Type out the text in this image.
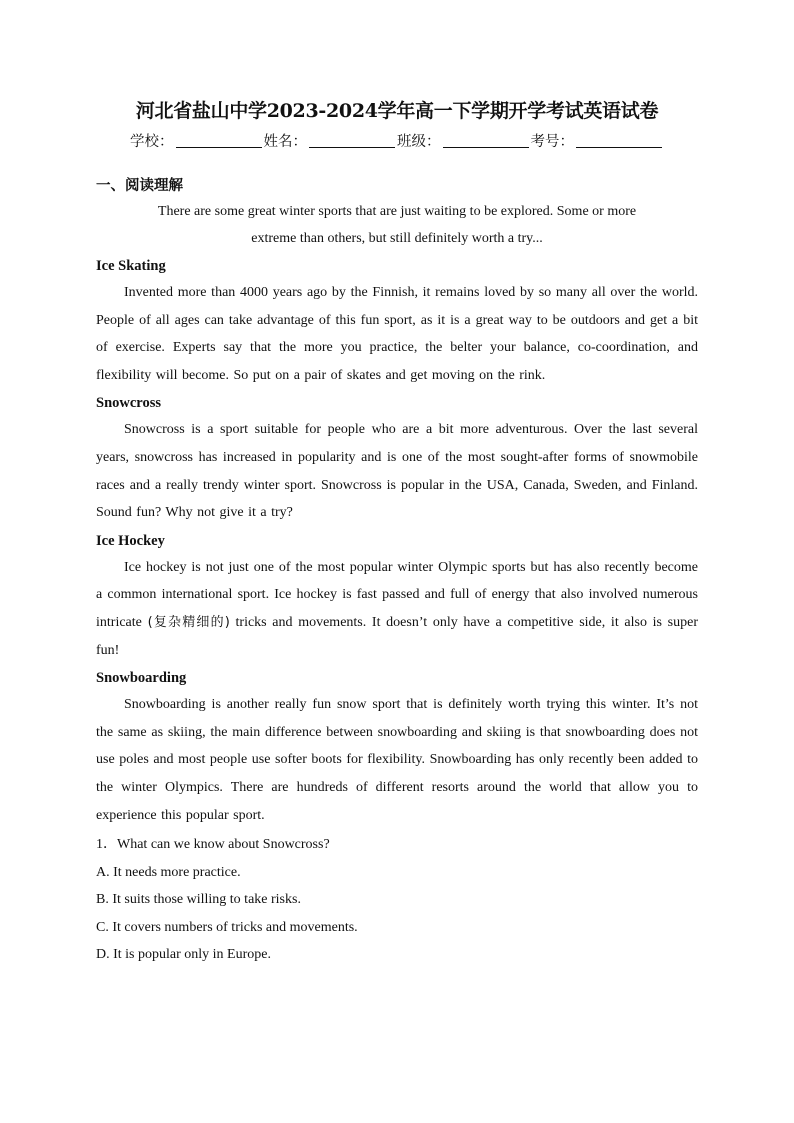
河北省盐山中学2023-2024学年高一下学期开学考试英语试卷
学校：	姓名：	班级：	考号：
一、阅读理解
There are some great winter sports that are just waiting to be explored. Some or more
extreme than others, but still definitely worth a try...
Ice Skating

Invented more than 4000 years ago by the Finnish, it remains loved by so many all over the world. People of all ages can take advantage of this fun sport, as it is a great way to be outdoors and get a bit of exercise. Experts say that the more you practice, the belter your balance, co-coordination, and flexibility will become. So put on a pair of skates and get moving on the rink.

Snowcross

Snowcross is a sport suitable for people who are a bit more adventurous. Over the last several years, snowcross has increased in popularity and is one of the most sought-after forms of snowmobile races and a really trendy winter sport. Snowcross is popular in the USA, Canada, Sweden, and Finland. Sound fun? Why not give it a try?

Ice Hockey

Ice hockey is not just one of the most popular winter Olympic sports but has also recently become a common international sport. Ice hockey is fast passed and full of energy that also involved numerous intricate (复杂精细的) tricks and movements. It doesn’t only have a competitive side, it also is super fun!

Snowboarding

Snowboarding is another really fun snow sport that is definitely worth trying this winter. It’s not the same as skiing, the main difference between snowboarding and skiing is that snowboarding does not use poles and most people use softer boots for flexibility. Snowboarding has only recently been added to the winter Olympics. There are hundreds of different resorts around the world that allow you to experience this popular sport.

1．What can we know about Snowcross?
A. It needs more practice.
B. It suits those willing to take risks.
C. It covers numbers of tricks and movements.
D. It is popular only in Europe.
